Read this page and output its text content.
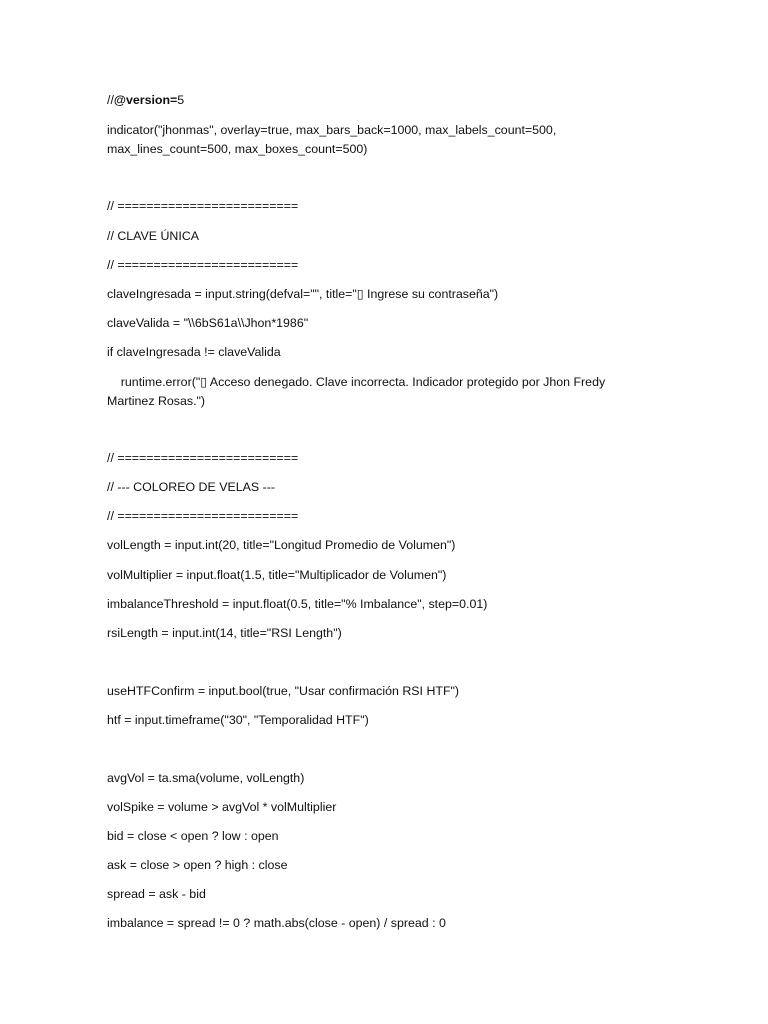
//@version=5
indicator("jhonmas", overlay=true, max_bars_back=1000, max_labels_count=500,
max_lines_count=500, max_boxes_count=500)
// =========================
// CLAVE ÚNICA
// =========================
claveIngresada = input.string(defval="", title="▯ Ingrese su contraseña")
claveValida = "\\6bS61a\\Jhon*1986"
if claveIngresada != claveValida
runtime.error("▯ Acceso denegado. Clave incorrecta. Indicador protegido por Jhon Fredy
Martinez Rosas.")
// =========================
// --- COLOREO DE VELAS ---
// =========================
volLength = input.int(20, title="Longitud Promedio de Volumen")
volMultiplier = input.float(1.5, title="Multiplicador de Volumen")
imbalanceThreshold = input.float(0.5, title="% Imbalance", step=0.01)
rsiLength = input.int(14, title="RSI Length")
useHTFConfirm = input.bool(true, "Usar confirmación RSI HTF")
htf = input.timeframe("30", "Temporalidad HTF")
avgVol = ta.sma(volume, volLength)
volSpike = volume > avgVol * volMultiplier
bid = close < open ? low : open
ask = close > open ? high : close
spread = ask - bid
imbalance = spread != 0 ? math.abs(close - open) / spread : 0
